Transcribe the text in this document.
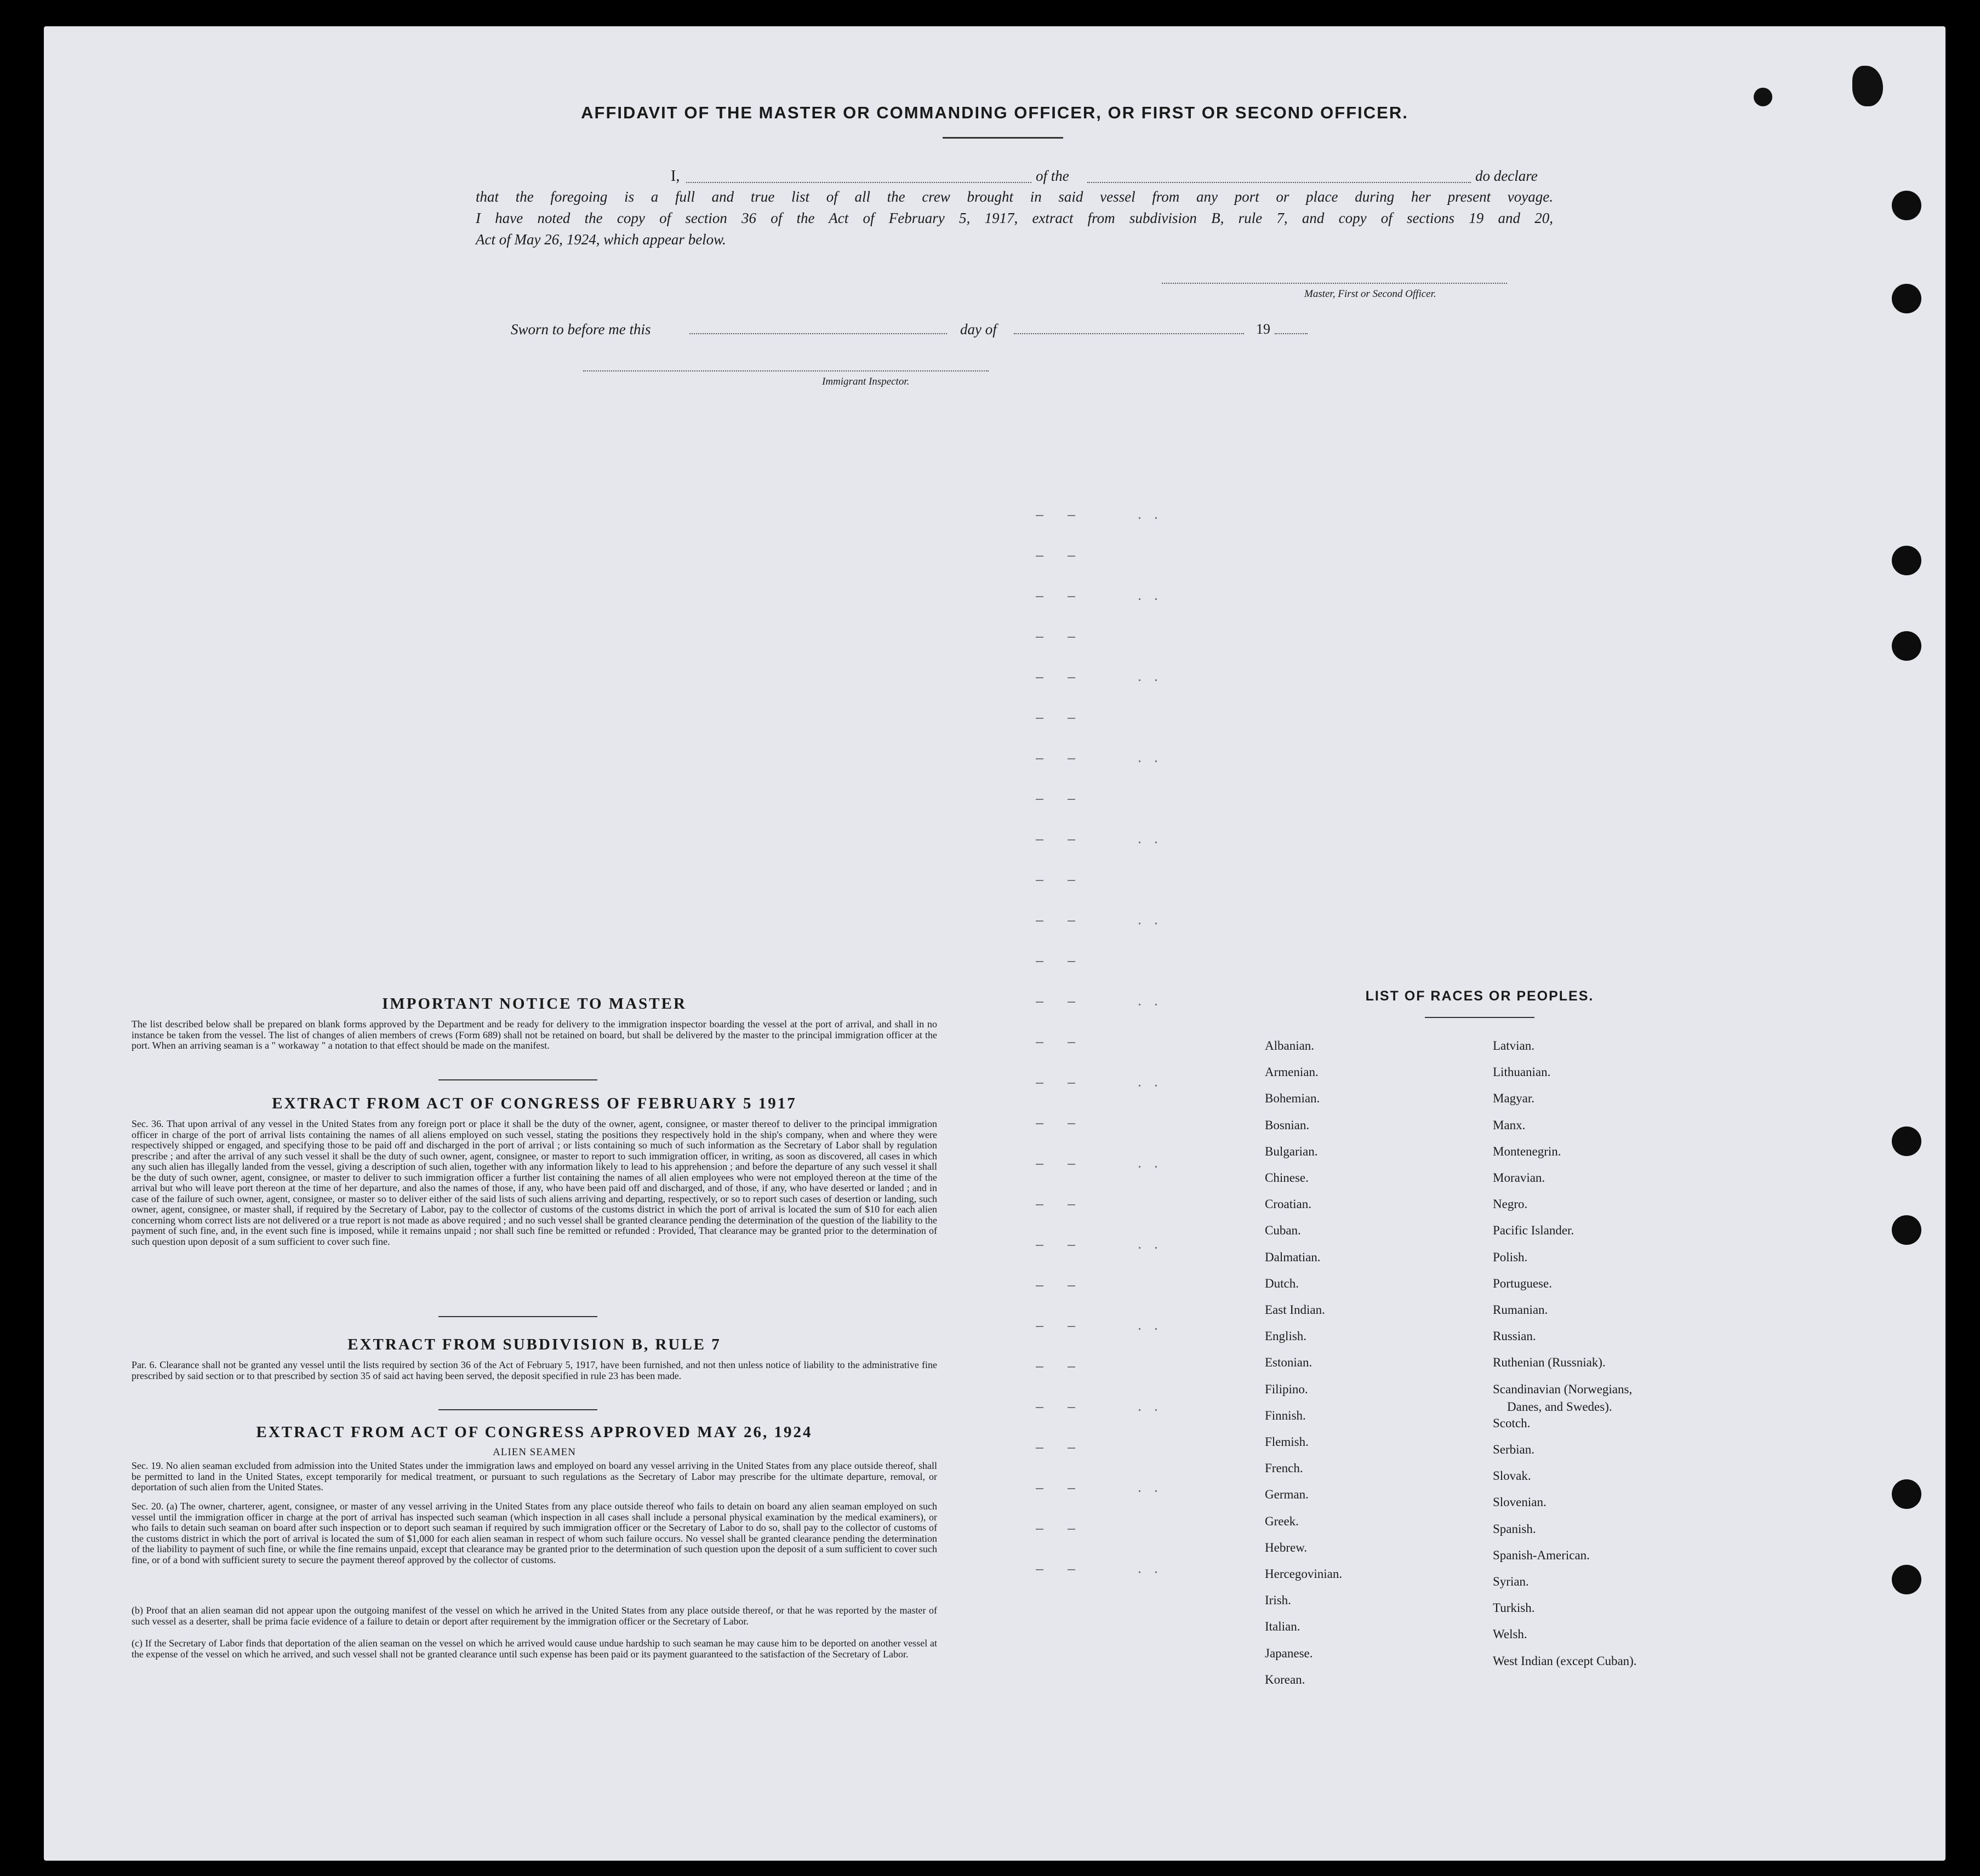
AFFIDAVIT OF THE MASTER OR COMMANDING OFFICER, OR FIRST OR SECOND OFFICER.
I,	of the	do declare
that the foregoing is a full and true list of all the crew brought in said vessel from any port or place during her present voyage.
I have noted the copy of section 36 of the Act of February 5, 1917, extract from subdivision B, rule 7, and copy of sections 19 and 20,
Act of May 26, 1924, which appear below.
Master, First or Second Officer.
Sworn to before me this	day of	19
Immigrant Inspector.
IMPORTANT NOTICE TO MASTER
The list described below shall be prepared on blank forms approved by the Department and be ready for delivery to the immigration inspector boarding the vessel at the port of arrival, and shall in no instance be taken from the vessel. The list of changes of alien members of crews (Form 689) shall not be retained on board, but shall be delivered by the master to the principal immigration officer at the port. When an arriving seaman is a " workaway " a notation to that effect should be made on the manifest.
EXTRACT FROM ACT OF CONGRESS OF FEBRUARY 5 1917
Sec. 36. That upon arrival of any vessel in the United States from any foreign port or place it shall be the duty of the owner, agent, consignee, or master thereof to deliver to the principal immigration officer in charge of the port of arrival lists containing the names of all aliens employed on such vessel, stating the positions they respectively hold in the ship's company, when and where they were respectively shipped or engaged, and specifying those to be paid off and discharged in the port of arrival ; or lists containing so much of such information as the Secretary of Labor shall by regulation prescribe ; and after the arrival of any such vessel it shall be the duty of such owner, agent, consignee, or master to report to such immigration officer, in writing, as soon as discovered, all cases in which any such alien has illegally landed from the vessel, giving a description of such alien, together with any information likely to lead to his apprehension ; and before the departure of any such vessel it shall be the duty of such owner, agent, consignee, or master to deliver to such immigration officer a further list containing the names of all alien employees who were not employed thereon at the time of the arrival but who will leave port thereon at the time of her departure, and also the names of those, if any, who have been paid off and discharged, and of those, if any, who have deserted or landed ; and in case of the failure of such owner, agent, consignee, or master so to deliver either of the said lists of such aliens arriving and departing, respectively, or so to report such cases of desertion or landing, such owner, agent, consignee, or master shall, if required by the Secretary of Labor, pay to the collector of customs of the customs district in which the port of arrival is located the sum of $10 for each alien concerning whom correct lists are not delivered or a true report is not made as above required ; and no such vessel shall be granted clearance pending the determination of the question of the liability to the payment of such fine, and, in the event such fine is imposed, while it remains unpaid ; nor shall such fine be remitted or refunded : Provided, That clearance may be granted prior to the determination of such question upon deposit of a sum sufficient to cover such fine.
EXTRACT FROM SUBDIVISION B, RULE 7
Par. 6. Clearance shall not be granted any vessel until the lists required by section 36 of the Act of February 5, 1917, have been furnished, and not then unless notice of liability to the administrative fine prescribed by said section or to that prescribed by section 35 of said act having been served, the deposit specified in rule 23 has been made.
EXTRACT FROM ACT OF CONGRESS APPROVED MAY 26, 1924
ALIEN SEAMEN
Sec. 19. No alien seaman excluded from admission into the United States under the immigration laws and employed on board any vessel arriving in the United States from any place outside thereof, shall be permitted to land in the United States, except temporarily for medical treatment, or pursuant to such regulations as the Secretary of Labor may prescribe for the ultimate departure, removal, or deportation of such alien from the United States.
Sec. 20. (a) The owner, charterer, agent, consignee, or master of any vessel arriving in the United States from any place outside thereof who fails to detain on board any alien seaman employed on such vessel until the immigration officer in charge at the port of arrival has inspected such seaman (which inspection in all cases shall include a personal physical examination by the medical examiners), or who fails to detain such seaman on board after such inspection or to deport such seaman if required by such immigration officer or the Secretary of Labor to do so, shall pay to the collector of customs of the customs district in which the port of arrival is located the sum of $1,000 for each alien seaman in respect of whom such failure occurs. No vessel shall be granted clearance pending the determination of the liability to payment of such fine, or while the fine remains unpaid, except that clearance may be granted prior to the determination of such question upon the deposit of a sum sufficient to cover such fine, or of a bond with sufficient surety to secure the payment thereof approved by the collector of customs.
(b) Proof that an alien seaman did not appear upon the outgoing manifest of the vessel on which he arrived in the United States from any place outside thereof, or that he was reported by the master of such vessel as a deserter, shall be prima facie evidence of a failure to detain or deport after requirement by the immigration officer or the Secretary of Labor.
(c) If the Secretary of Labor finds that deportation of the alien seaman on the vessel on which he arrived would cause undue hardship to such seaman he may cause him to be deported on another vessel at the expense of the vessel on which he arrived, and such vessel shall not be granted clearance until such expense has been paid or its payment guaranteed to the satisfaction of the Secretary of Labor.
LIST OF RACES OR PEOPLES.
Albanian.
Armenian.
Bohemian.
Bosnian.
Bulgarian.
Chinese.
Croatian.
Cuban.
Dalmatian.
Dutch.
East Indian.
English.
Estonian.
Filipino.
Finnish.
Flemish.
French.
German.
Greek.
Hebrew.
Hercegovinian.
Irish.
Italian.
Japanese.
Korean.
Latvian.
Lithuanian.
Magyar.
Manx.
Montenegrin.
Moravian.
Negro.
Pacific Islander.
Polish.
Portuguese.
Rumanian.
Russian.
Ruthenian (Russniak).
Scandinavian (Norwegians,
Danes, and Swedes).
Scotch.
Serbian.
Slovak.
Slovenian.
Spanish.
Spanish-American.
Syrian.
Turkish.
Welsh.
West Indian (except Cuban).
